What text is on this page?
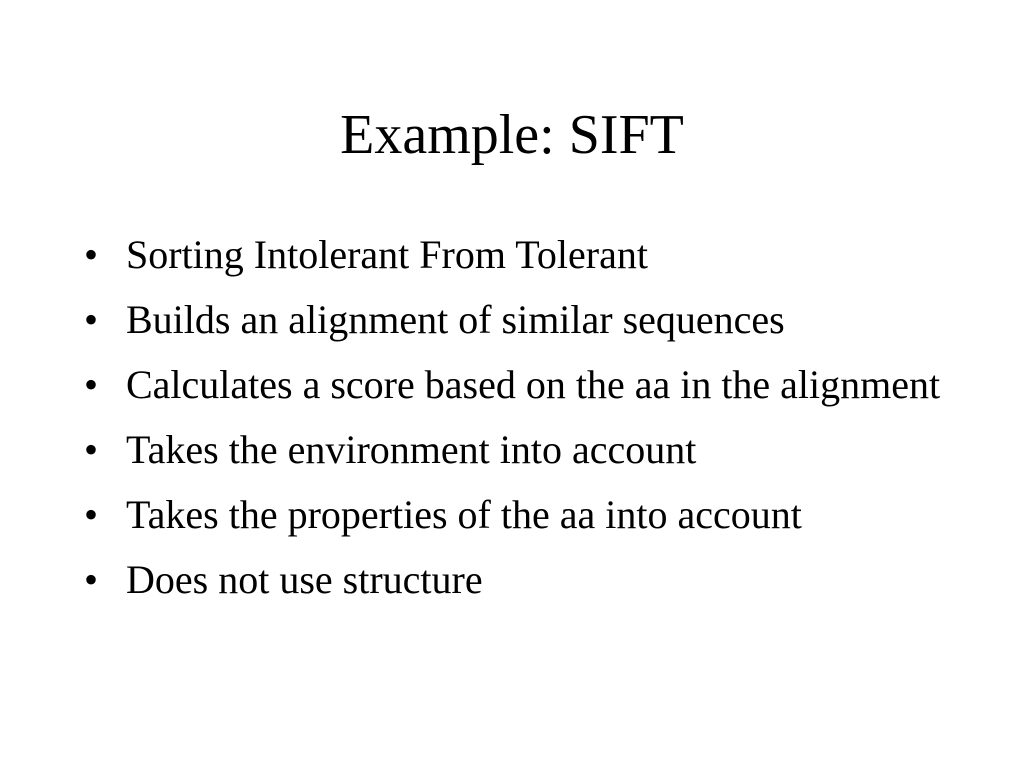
Example: SIFT
• Sorting Intolerant From Tolerant
• Builds an alignment of similar sequences
• Calculates a score based on the aa in the alignment
• Takes the environment into account
• Takes the properties of the aa into account
• Does not use structure
